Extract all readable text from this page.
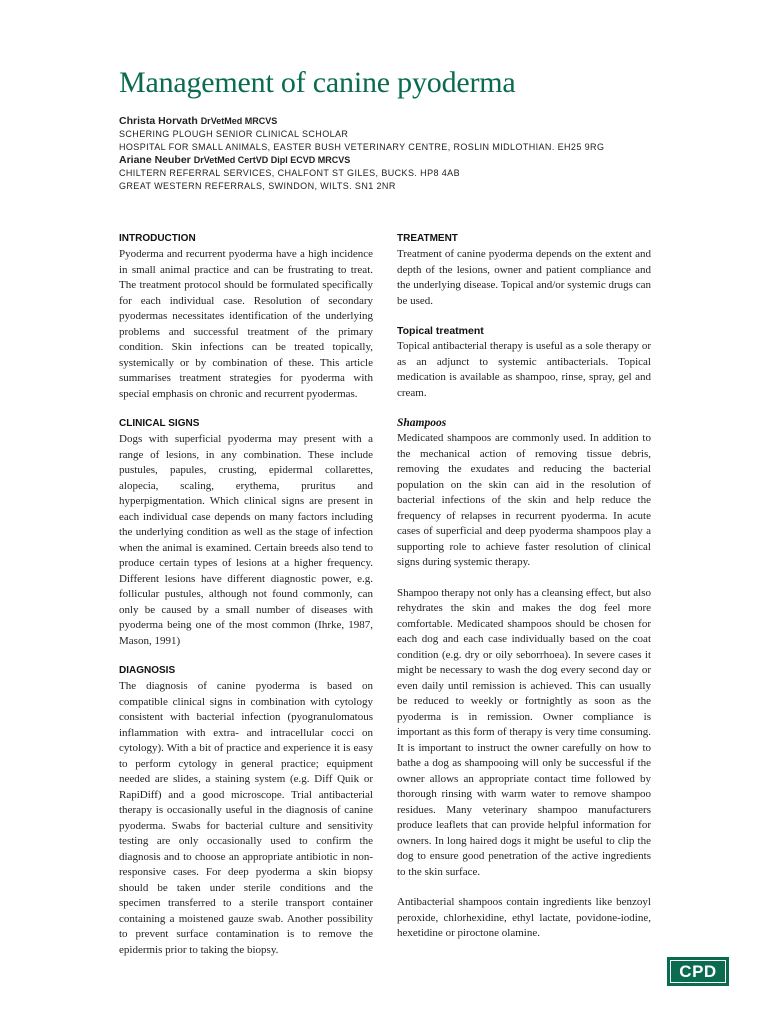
Management of canine pyoderma
Christa Horvath DrVetMed MRCVS
SCHERING PLOUGH SENIOR CLINICAL SCHOLAR
HOSPITAL FOR SMALL ANIMALS, EASTER BUSH VETERINARY CENTRE, ROSLIN MIDLOTHIAN. EH25 9RG
Ariane Neuber DrVetMed CertVD Dipl ECVD MRCVS
CHILTERN REFERRAL SERVICES, CHALFONT ST GILES, BUCKS. HP8 4AB
GREAT WESTERN REFERRALS, SWINDON, WILTS. SN1 2NR
INTRODUCTION

Pyoderma and recurrent pyoderma have a high incidence in small animal practice and can be frustrating to treat. The treatment protocol should be formulated specifically for each individual case. Resolution of secondary pyodermas necessitates identification of the underlying problems and successful treatment of the primary condition. Skin infections can be treated topically, systemically or by combination of these. This article summarises treatment strategies for pyoderma with special emphasis on chronic and recurrent pyodermas.

CLINICAL SIGNS

Dogs with superficial pyoderma may present with a range of lesions, in any combination. These include pustules, papules, crusting, epidermal collarettes, alopecia, scaling, erythema, pruritus and hyperpigmentation. Which clinical signs are present in each individual case depends on many factors including the underlying condition as well as the stage of infection when the animal is examined. Certain breeds also tend to produce certain types of lesions at a higher frequency. Different lesions have different diagnostic power, e.g. follicular pustules, although not found commonly, can only be caused by a small number of diseases with pyoderma being one of the most common (Ihrke, 1987, Mason, 1991)

DIAGNOSIS

The diagnosis of canine pyoderma is based on compatible clinical signs in combination with cytology consistent with bacterial infection (pyogranulomatous inflammation with extra- and intracellular cocci on cytology). With a bit of practice and experience it is easy to perform cytology in general practice; equipment needed are slides, a staining system (e.g. Diff Quik or RapiDiff) and a good microscope. Trial antibacterial therapy is occasionally useful in the diagnosis of canine pyoderma. Swabs for bacterial culture and sensitivity testing are only occasionally used to confirm the diagnosis and to choose an appropriate antibiotic in non-responsive cases. For deep pyoderma a skin biopsy should be taken under sterile conditions and the specimen transferred to a sterile transport container containing a moistened gauze swab. Another possibility to prevent surface contamination is to remove the epidermis prior to taking the biopsy.

TREATMENT

Treatment of canine pyoderma depends on the extent and depth of the lesions, owner and patient compliance and the underlying disease. Topical and/or systemic drugs can be used.

Topical treatment

Topical antibacterial therapy is useful as a sole therapy or as an adjunct to systemic antibacterials. Topical medication is available as shampoo, rinse, spray, gel and cream.

Shampoos

Medicated shampoos are commonly used. In addition to the mechanical action of removing tissue debris, removing the exudates and reducing the bacterial population on the skin can aid in the resolution of bacterial infections of the skin and help reduce the frequency of relapses in recurrent pyoderma. In acute cases of superficial and deep pyoderma shampoos play a supporting role to achieve faster resolution of clinical signs during systemic therapy.

Shampoo therapy not only has a cleansing effect, but also rehydrates the skin and makes the dog feel more comfortable. Medicated shampoos should be chosen for each dog and each case individually based on the coat condition (e.g. dry or oily seborrhoea). In severe cases it might be necessary to wash the dog every second day or even daily until remission is achieved. This can usually be reduced to weekly or fortnightly as soon as the pyoderma is in remission. Owner compliance is important as this form of therapy is very time consuming. It is important to instruct the owner carefully on how to bathe a dog as shampooing will only be successful if the owner allows an appropriate contact time followed by thorough rinsing with warm water to remove shampoo residues. Many veterinary shampoo manufacturers produce leaflets that can provide helpful information for owners. In long haired dogs it might be useful to clip the dog to ensure good penetration of the active ingredients to the skin surface.

Antibacterial shampoos contain ingredients like benzoyl peroxide, chlorhexidine, ethyl lactate, povidone-iodine, hexetidine or piroctone olamine.

CPD
